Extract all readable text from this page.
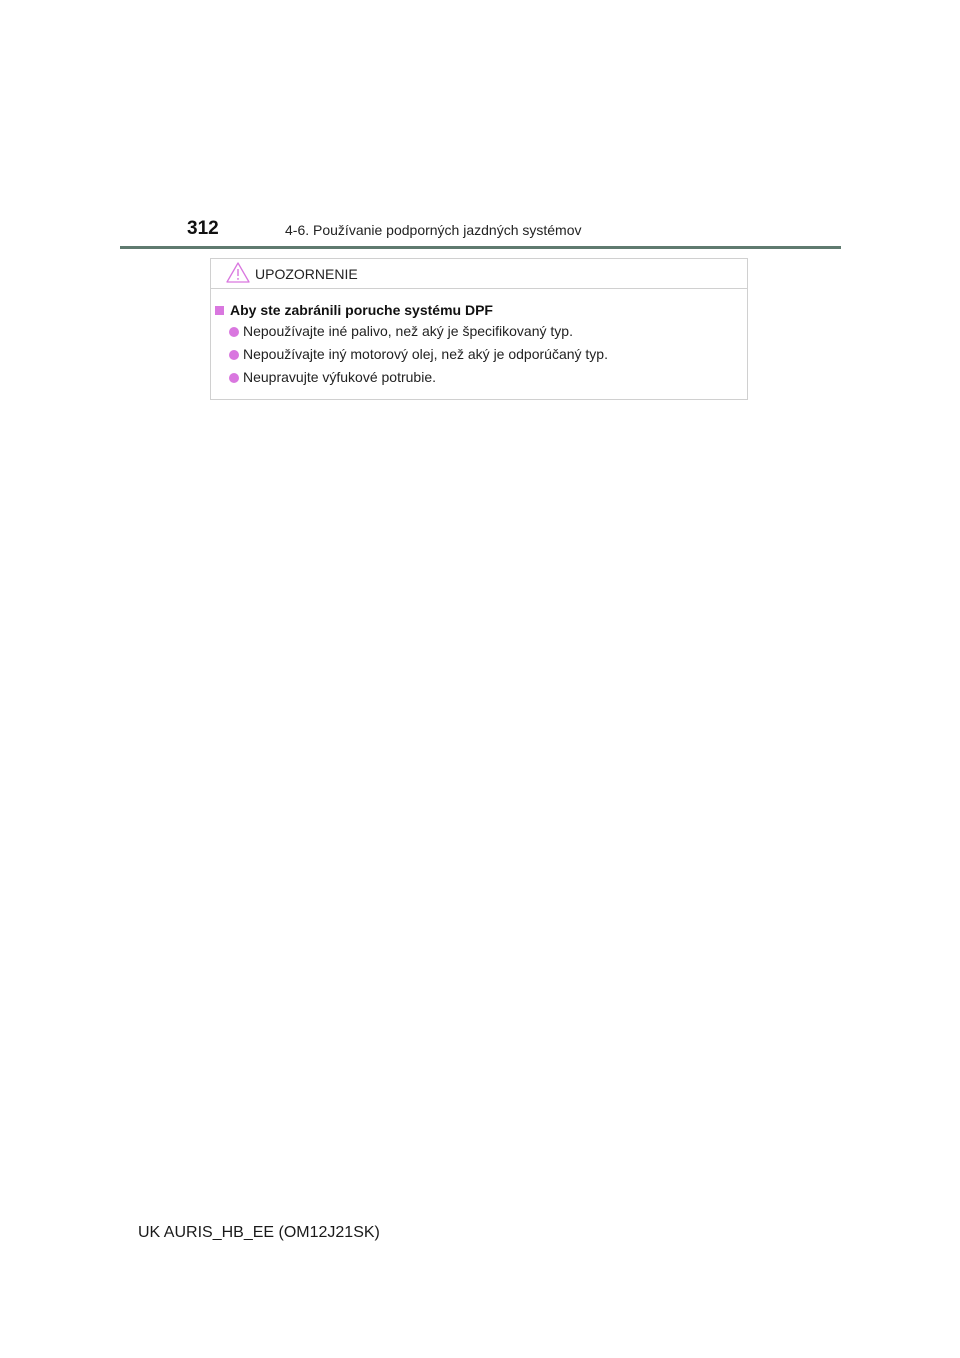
312	4-6. Používanie podporných jazdných systémov
UPOZORNENIE
Aby ste zabránili poruche systému DPF
Nepoužívajte iné palivo, než aký je špecifikovaný typ.
Nepoužívajte iný motorový olej, než aký je odporúčaný typ.
Neupravujte výfukové potrubie.
UK AURIS_HB_EE (OM12J21SK)
